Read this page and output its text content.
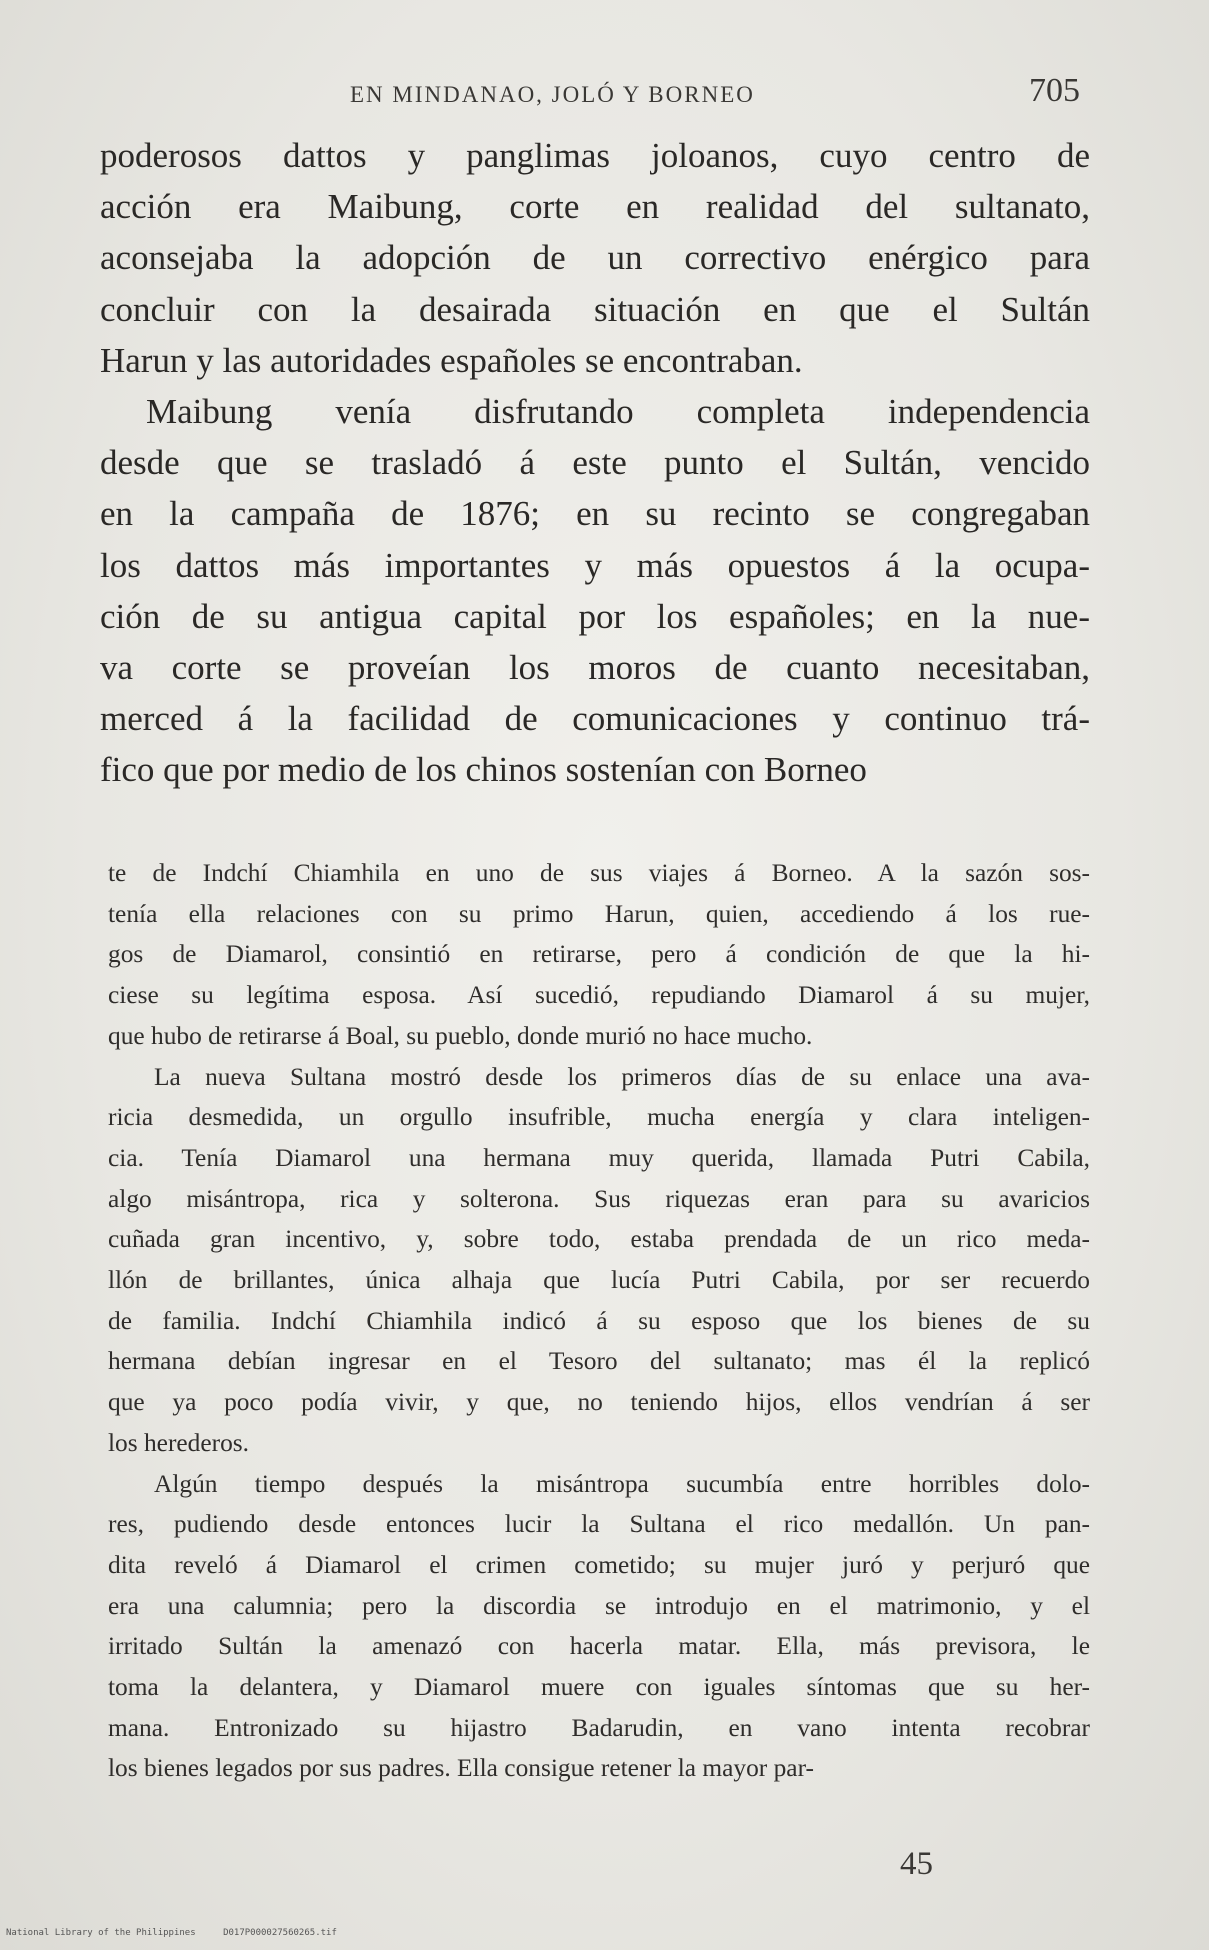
EN MINDANAO, JOLÓ Y BORNEO	705

poderosos dattos y panglimas joloanos, cuyo centro de
acción era Maibung, corte en realidad del sultanato,
aconsejaba la adopción de un correctivo enérgico para
concluir con la desairada situación en que el Sultán
Harun y las autoridades españoles se encontraban.

Maibung venía disfrutando completa independencia
desde que se trasladó á este punto el Sultán, vencido
en la campaña de 1876; en su recinto se congregaban
los dattos más importantes y más opuestos á la ocupa-
ción de su antigua capital por los españoles; en la nue-
va corte se proveían los moros de cuanto necesitaban,
merced á la facilidad de comunicaciones y continuo trá-
fico que por medio de los chinos sostenían con Borneo

te de Indchí Chiamhila en uno de sus viajes á Borneo. A la sazón sos-
tenía ella relaciones con su primo Harun, quien, accediendo á los rue-
gos de Diamarol, consintió en retirarse, pero á condición de que la hi-
ciese su legítima esposa. Así sucedió, repudiando Diamarol á su mujer,
que hubo de retirarse á Boal, su pueblo, donde murió no hace mucho.

La nueva Sultana mostró desde los primeros días de su enlace una ava-
ricia desmedida, un orgullo insufrible, mucha energía y clara inteligen-
cia. Tenía Diamarol una hermana muy querida, llamada Putri Cabila,
algo misántropa, rica y solterona. Sus riquezas eran para su avaricios
cuñada gran incentivo, y, sobre todo, estaba prendada de un rico meda-
llón de brillantes, única alhaja que lucía Putri Cabila, por ser recuerdo
de familia. Indchí Chiamhila indicó á su esposo que los bienes de su
hermana debían ingresar en el Tesoro del sultanato; mas él la replicó
que ya poco podía vivir, y que, no teniendo hijos, ellos vendrían á ser
los herederos.

Algún tiempo después la misántropa sucumbía entre horribles dolo-
res, pudiendo desde entonces lucir la Sultana el rico medallón. Un pan-
dita reveló á Diamarol el crimen cometido; su mujer juró y perjuró que
era una calumnia; pero la discordia se introdujo en el matrimonio, y el
irritado Sultán la amenazó con hacerla matar. Ella, más previsora, le
toma la delantera, y Diamarol muere con iguales síntomas que su her-
mana. Entronizado su hijastro Badarudin, en vano intenta recobrar
los bienes legados por sus padres. Ella consigue retener la mayor par-

45
National Library of the Philippines	D017P000027560265.tif
